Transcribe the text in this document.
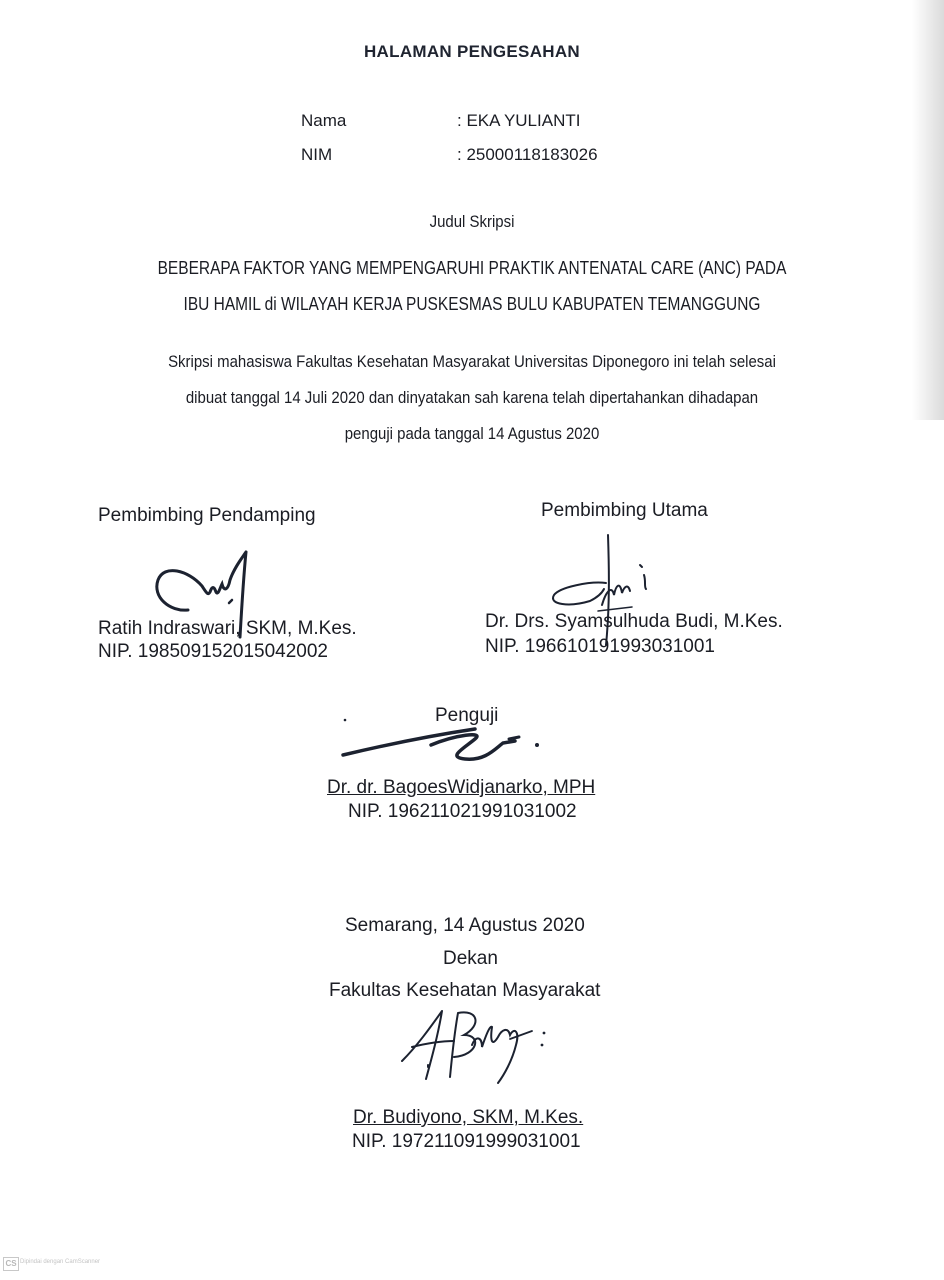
HALAMAN PENGESAHAN
Nama	: EKA YULIANTI
NIM	: 25000118183026
Judul Skripsi
BEBERAPA FAKTOR YANG MEMPENGARUHI PRAKTIK ANTENATAL CARE (ANC) PADA
IBU HAMIL di WILAYAH KERJA PUSKESMAS BULU KABUPATEN TEMANGGUNG
Skripsi mahasiswa Fakultas Kesehatan Masyarakat Universitas Diponegoro ini telah selesai
dibuat tanggal 14 Juli 2020 dan dinyatakan sah karena telah dipertahankan dihadapan
penguji pada tanggal 14 Agustus 2020
Pembimbing Pendamping
Ratih Indraswari, SKM, M.Kes.
NIP. 198509152015042002
Pembimbing Utama
Dr. Drs. Syamsulhuda Budi, M.Kes.
NIP. 196610191993031001
Penguji
Dr. dr. BagoesWidjanarko, MPH
NIP. 196211021991031002
Semarang, 14 Agustus 2020
Dekan
Fakultas Kesehatan Masyarakat
Dr. Budiyono, SKM, M.Kes.
NIP. 197211091999031001
CS Dipindai dengan CamScanner
